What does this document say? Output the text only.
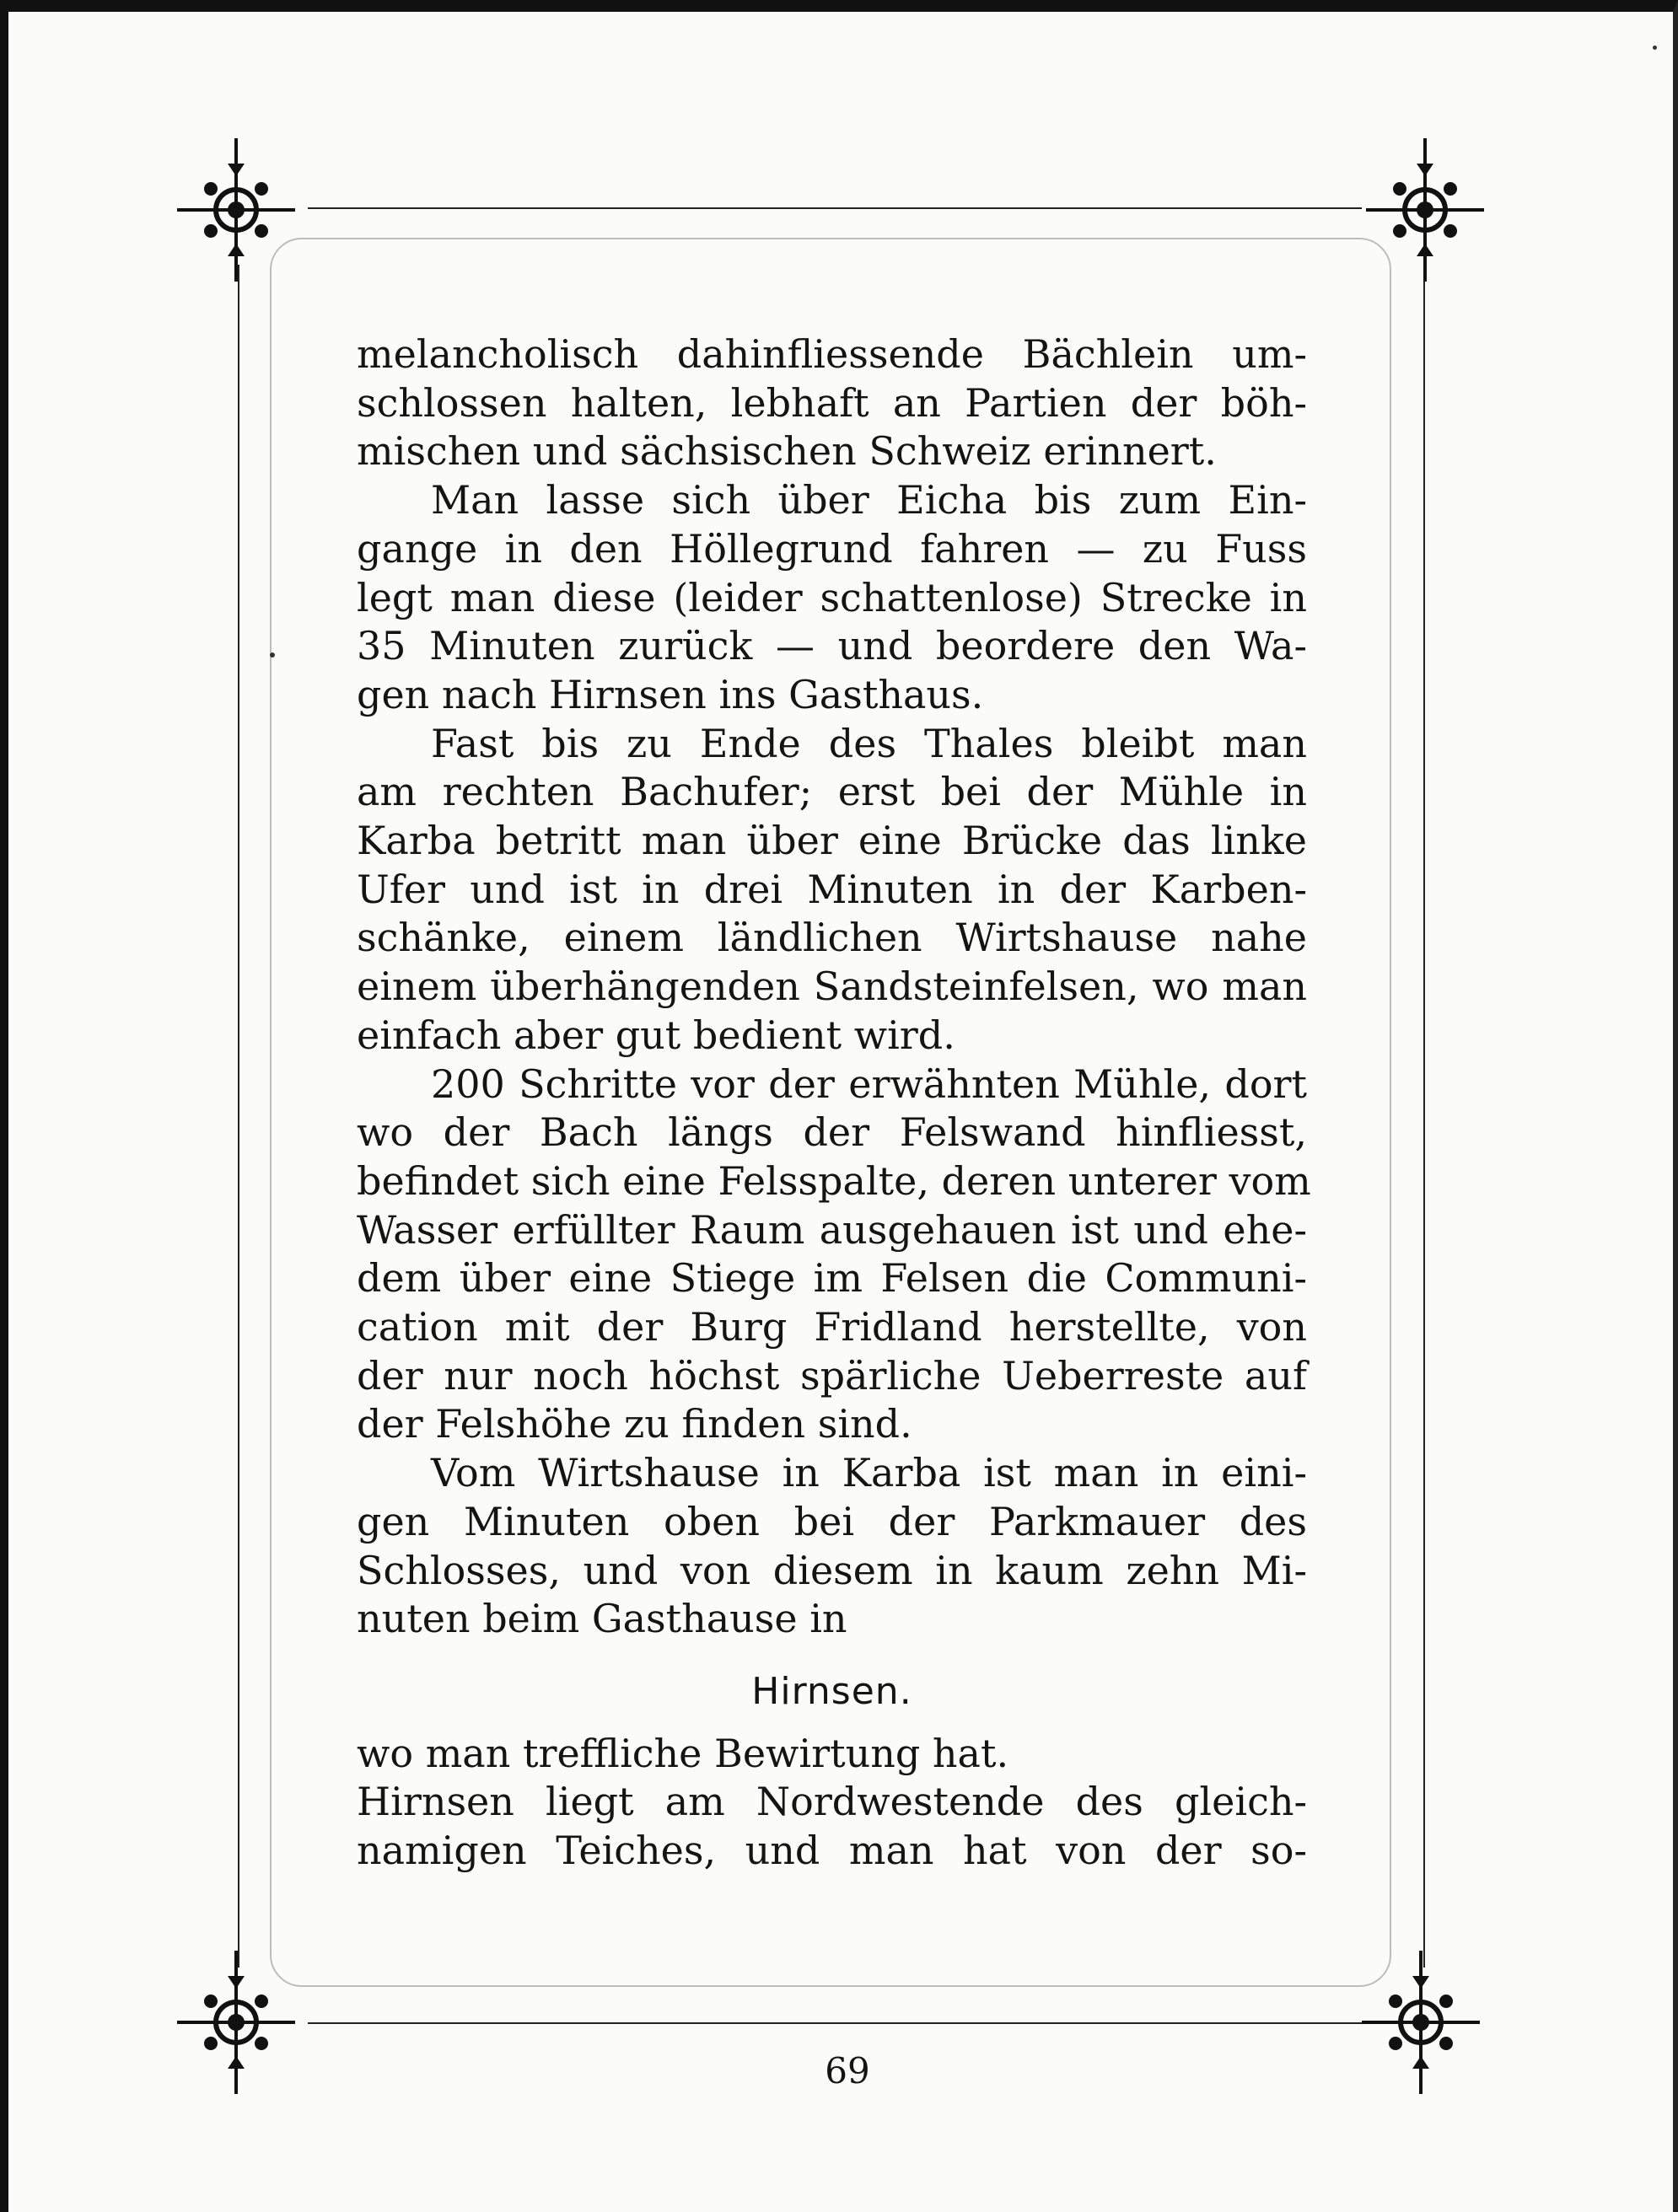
melancholisch dahinfliessende Bächlein um-
schlossen halten, lebhaft an Partien der böh-
mischen und sächsischen Schweiz erinnert.
Man lasse sich über Eicha bis zum Ein-
gange in den Höllegrund fahren — zu Fuss
legt man diese (leider schattenlose) Strecke in
35 Minuten zurück — und beordere den Wa-
gen nach Hirnsen ins Gasthaus.
Fast bis zu Ende des Thales bleibt man
am rechten Bachufer; erst bei der Mühle in
Karba betritt man über eine Brücke das linke
Ufer und ist in drei Minuten in der Karben-
schänke, einem ländlichen Wirtshause nahe
einem überhängenden Sandsteinfelsen, wo man
einfach aber gut bedient wird.
200 Schritte vor der erwähnten Mühle, dort
wo der Bach längs der Felswand hinfliesst,
befindet sich eine Felsspalte, deren unterer vom
Wasser erfüllter Raum ausgehauen ist und ehe-
dem über eine Stiege im Felsen die Communi-
cation mit der Burg Fridland herstellte, von
der nur noch höchst spärliche Ueberreste auf
der Felshöhe zu finden sind.
Vom Wirtshause in Karba ist man in eini-
gen Minuten oben bei der Parkmauer des
Schlosses, und von diesem in kaum zehn Mi-
nuten beim Gasthause in
Hirnsen.
wo man treffliche Bewirtung hat.
Hirnsen liegt am Nordwestende des gleich-
namigen Teiches, und man hat von der so-
69
